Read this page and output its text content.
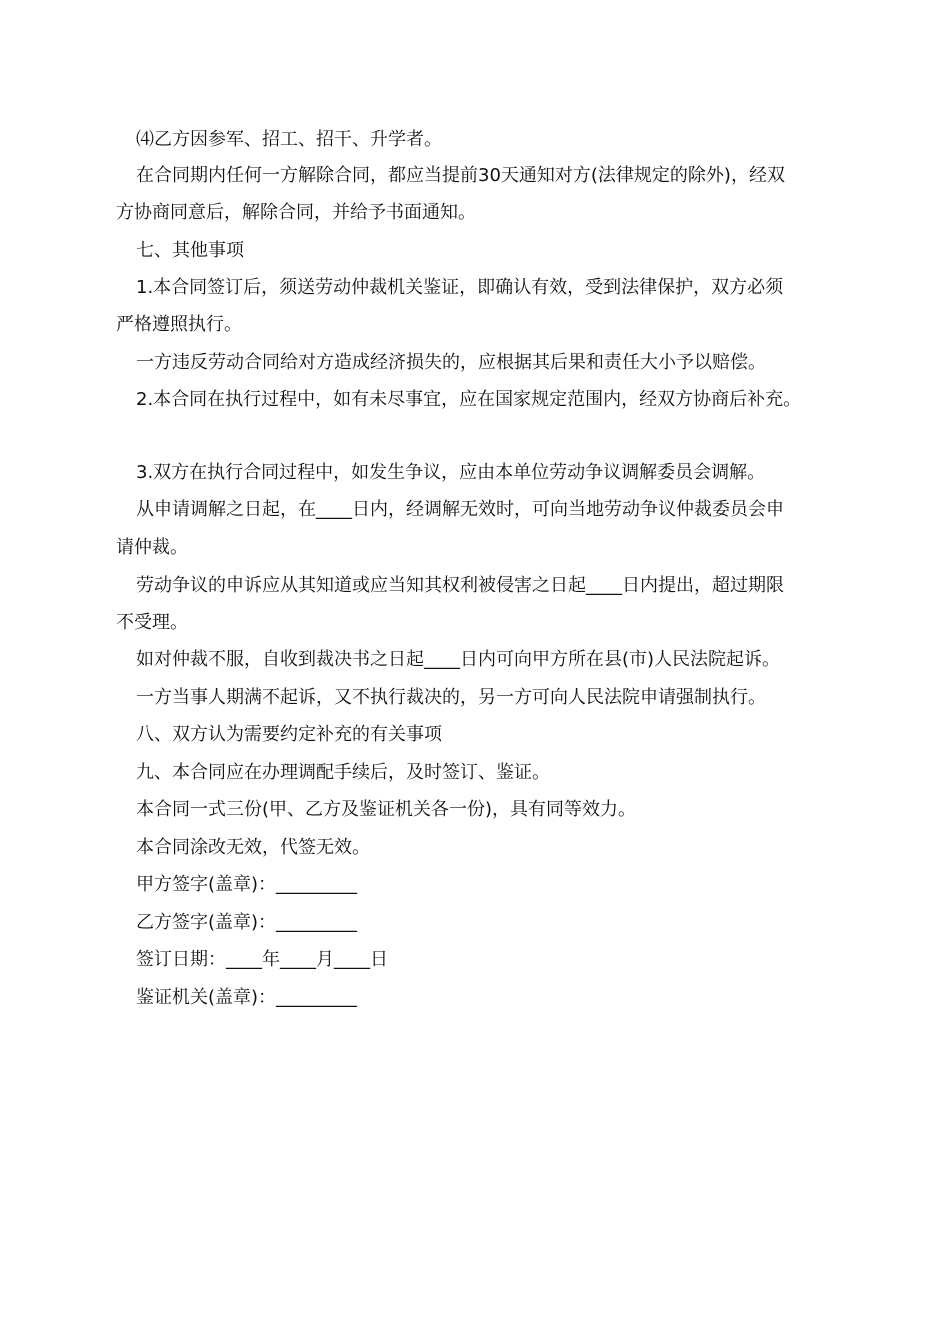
⑷乙方因参军、招工、招干、升学者。
在合同期内任何一方解除合同，都应当提前30天通知对方(法律规定的除外)，经双
方协商同意后，解除合同，并给予书面通知。
七、其他事项
1.本合同签订后，须送劳动仲裁机关鉴证，即确认有效，受到法律保护，双方必须
严格遵照执行。
一方违反劳动合同给对方造成经济损失的，应根据其后果和责任大小予以赔偿。
2.本合同在执行过程中，如有未尽事宜，应在国家规定范围内，经双方协商后补充。
3.双方在执行合同过程中，如发生争议，应由本单位劳动争议调解委员会调解。
从申请调解之日起，在____日内，经调解无效时，可向当地劳动争议仲裁委员会申
请仲裁。
劳动争议的申诉应从其知道或应当知其权利被侵害之日起____日内提出，超过期限
不受理。
如对仲裁不服，自收到裁决书之日起____日内可向甲方所在县(市)人民法院起诉。
一方当事人期满不起诉，又不执行裁决的，另一方可向人民法院申请强制执行。
八、双方认为需要约定补充的有关事项
九、本合同应在办理调配手续后，及时签订、鉴证。
本合同一式三份(甲、乙方及鉴证机关各一份)，具有同等效力。
本合同涂改无效，代签无效。
甲方签字(盖章)：_________
乙方签字(盖章)：_________
签订日期：____年____月____日
鉴证机关(盖章)：_________
